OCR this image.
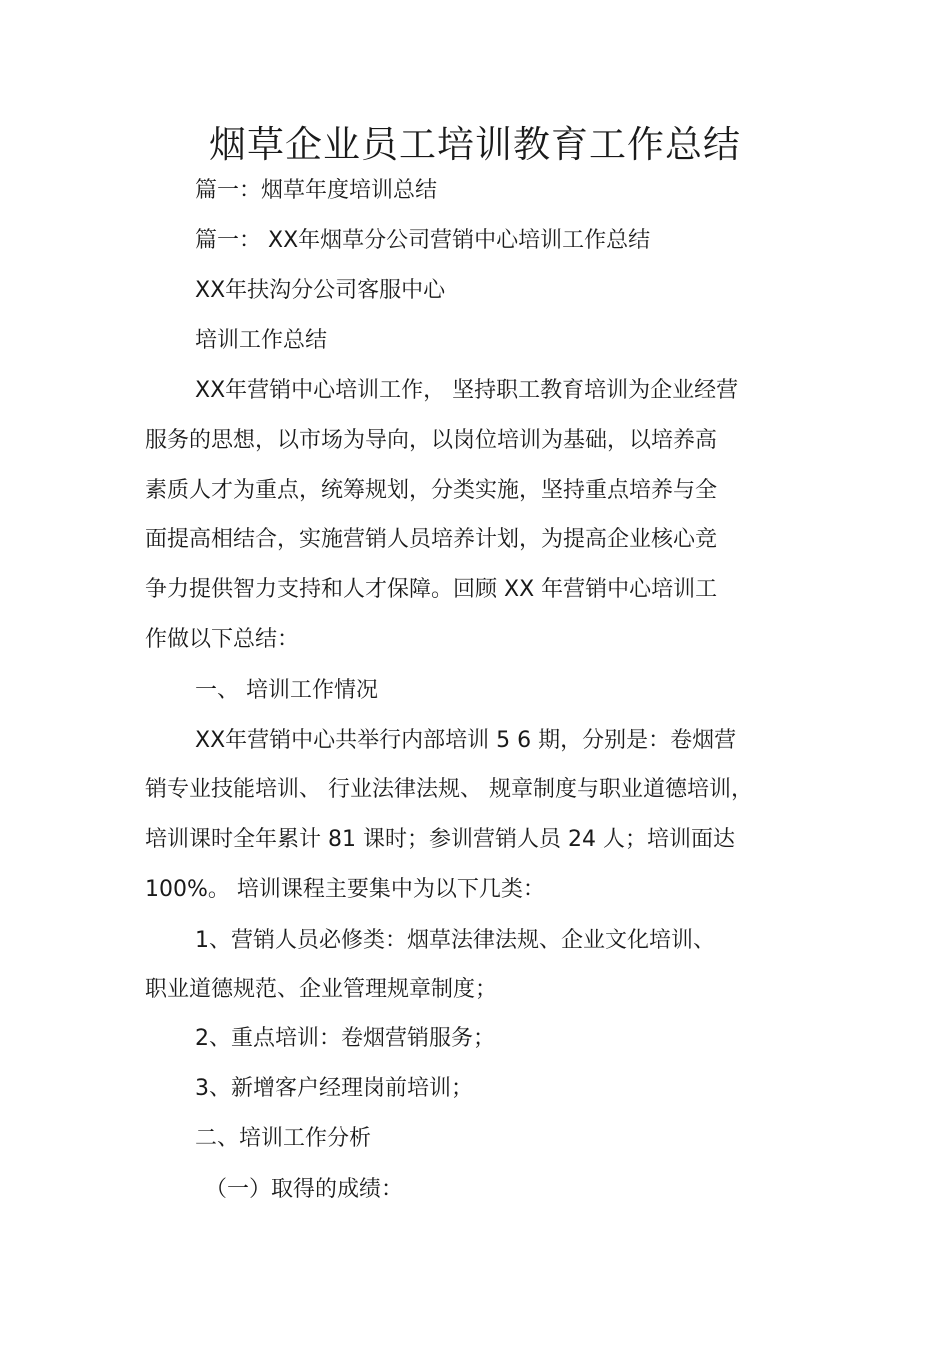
烟草企业员工培训教育工作总结

篇一：烟草年度培训总结

篇一： XX年烟草分公司营销中心培训工作总结

XX年扶沟分公司客服中心

培训工作总结

XX年营销中心培训工作， 坚持职工教育培训为企业经营

服务的思想，以市场为导向，以岗位培训为基础，以培养高

素质人才为重点，统筹规划，分类实施，坚持重点培养与全

面提高相结合，实施营销人员培养计划，为提高企业核心竞

争力提供智力支持和人才保障。回顾 XX 年营销中心培训工

作做以下总结：

一、 培训工作情况

XX年营销中心共举行内部培训 5 6 期，分别是：卷烟营

销专业技能培训、 行业法律法规、 规章制度与职业道德培训，

培训课时全年累计 81 课时；参训营销人员 24 人；培训面达

100%。 培训课程主要集中为以下几类：

1、营销人员必修类：烟草法律法规、企业文化培训、

职业道德规范、企业管理规章制度；

2、重点培训：卷烟营销服务；

3、新增客户经理岗前培训；

二、培训工作分析

（一）取得的成绩：
